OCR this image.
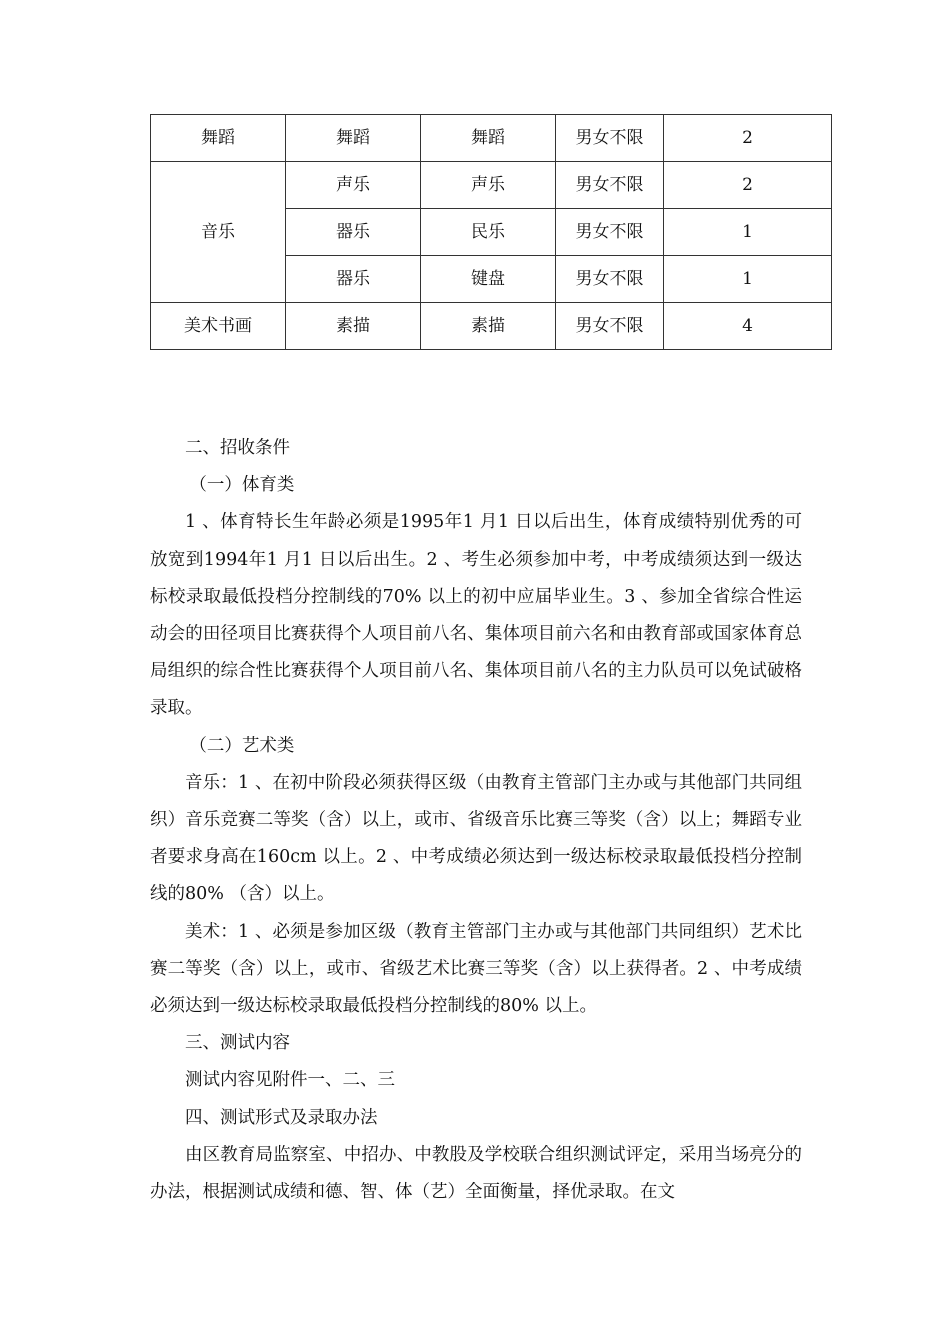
舞蹈	舞蹈	舞蹈	男女不限	2
音乐	声乐	声乐	男女不限	2
	器乐	民乐	男女不限	1
	器乐	键盘	男女不限	1
美术书画	素描	素描	男女不限	4

二、招收条件

（一）体育类

1 、体育特长生年龄必须是1995年1 月1 日以后出生，体育成绩特别优秀的可放宽到1994年1 月1 日以后出生。2 、考生必须参加中考，中考成绩须达到一级达标校录取最低投档分控制线的70% 以上的初中应届毕业生。3 、参加全省综合性运动会的田径项目比赛获得个人项目前八名、集体项目前六名和由教育部或国家体育总局组织的综合性比赛获得个人项目前八名、集体项目前八名的主力队员可以免试破格录取。

（二）艺术类

音乐：1 、在初中阶段必须获得区级（由教育主管部门主办或与其他部门共同组织）音乐竞赛二等奖（含）以上，或市、省级音乐比赛三等奖（含）以上；舞蹈专业者要求身高在160cm 以上。2 、中考成绩必须达到一级达标校录取最低投档分控制线的80% （含）以上。

美术：1 、必须是参加区级（教育主管部门主办或与其他部门共同组织）艺术比赛二等奖（含）以上，或市、省级艺术比赛三等奖（含）以上获得者。2 、中考成绩必须达到一级达标校录取最低投档分控制线的80% 以上。

三、测试内容

测试内容见附件一、二、三

四、测试形式及录取办法

由区教育局监察室、中招办、中教股及学校联合组织测试评定，采用当场亮分的办法，根据测试成绩和德、智、体（艺）全面衡量，择优录取。在文
